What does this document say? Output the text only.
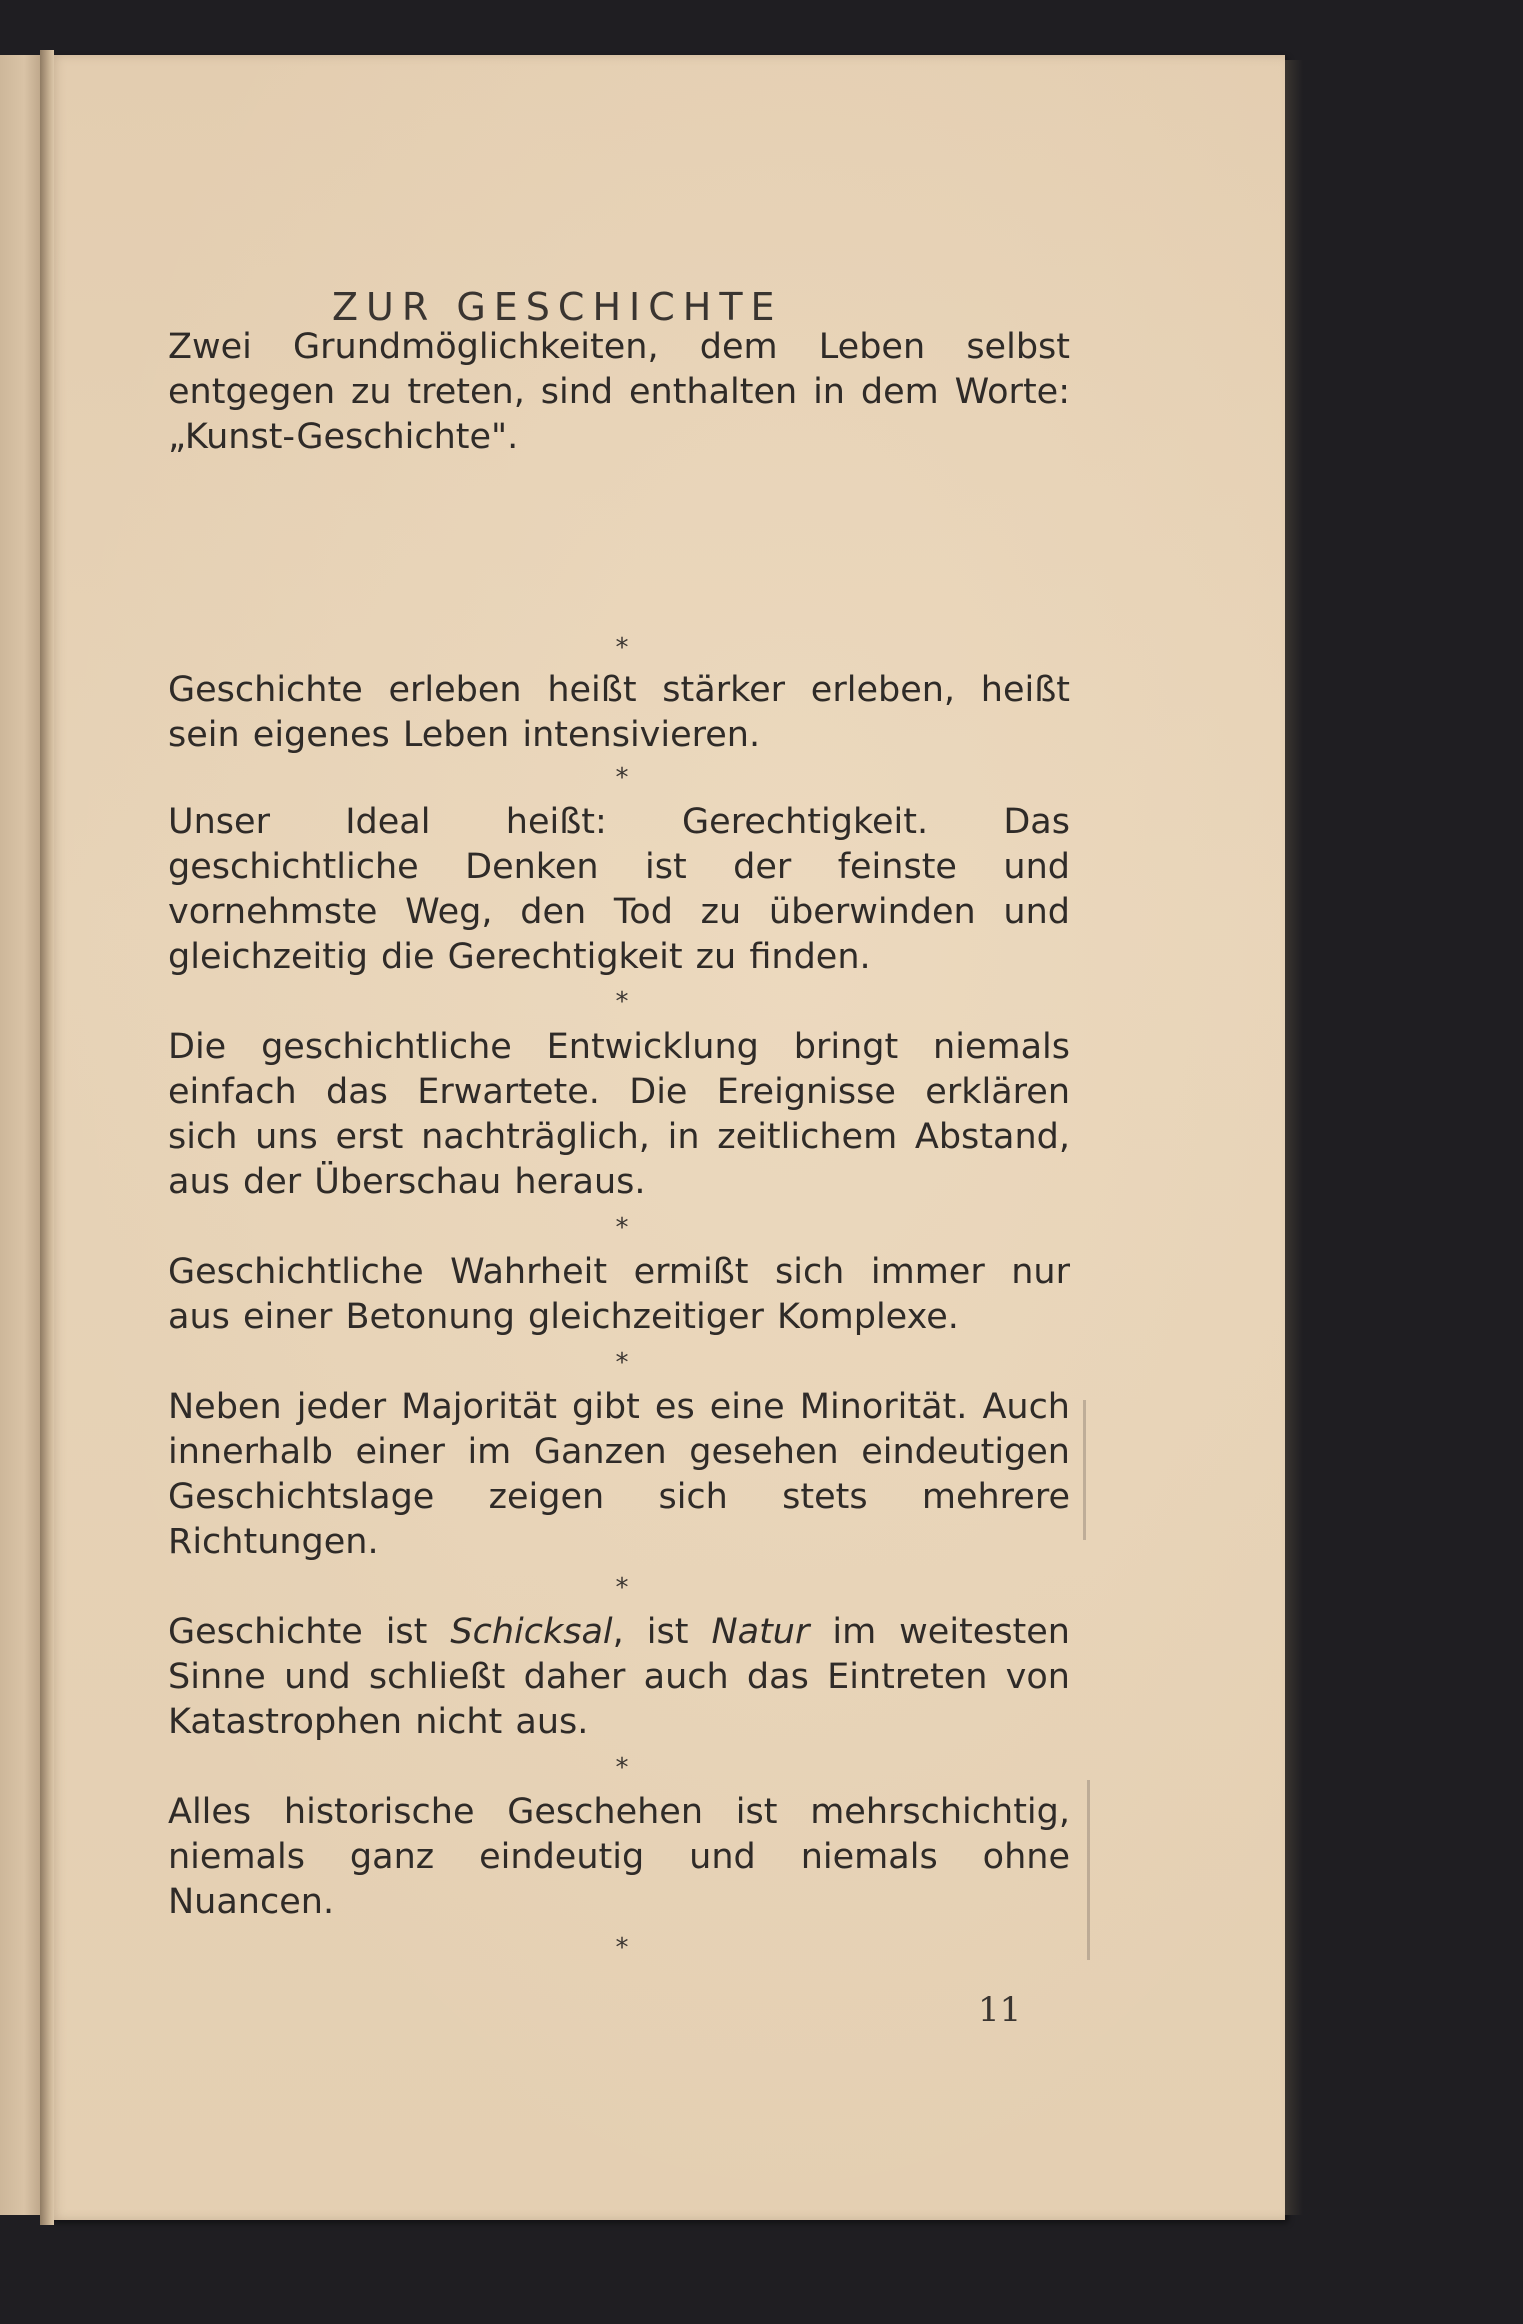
ZUR GESCHICHTE

Zwei Grundmöglichkeiten, dem Leben selbst entgegen zu treten, sind enthalten in dem Worte: „Kunst-Geschichte".

*

Geschichte erleben heißt stärker erleben, heißt sein eigenes Leben intensivieren.

*

Unser Ideal heißt: Gerechtigkeit. Das geschichtliche Denken ist der feinste und vornehmste Weg, den Tod zu überwinden und gleichzeitig die Gerechtigkeit zu finden.

*

Die geschichtliche Entwicklung bringt niemals einfach das Erwartete. Die Ereignisse erklären sich uns erst nachträglich, in zeitlichem Abstand, aus der Überschau heraus.

*

Geschichtliche Wahrheit ermißt sich immer nur aus einer Betonung gleichzeitiger Komplexe.

*

Neben jeder Majorität gibt es eine Minorität. Auch innerhalb einer im Ganzen gesehen eindeutigen Geschichtslage zeigen sich stets mehrere Richtungen.

*

Geschichte ist Schicksal, ist Natur im weitesten Sinne und schließt daher auch das Eintreten von Katastrophen nicht aus.

*

Alles historische Geschehen ist mehrschichtig, niemals ganz eindeutig und niemals ohne Nuancen.

*
11
